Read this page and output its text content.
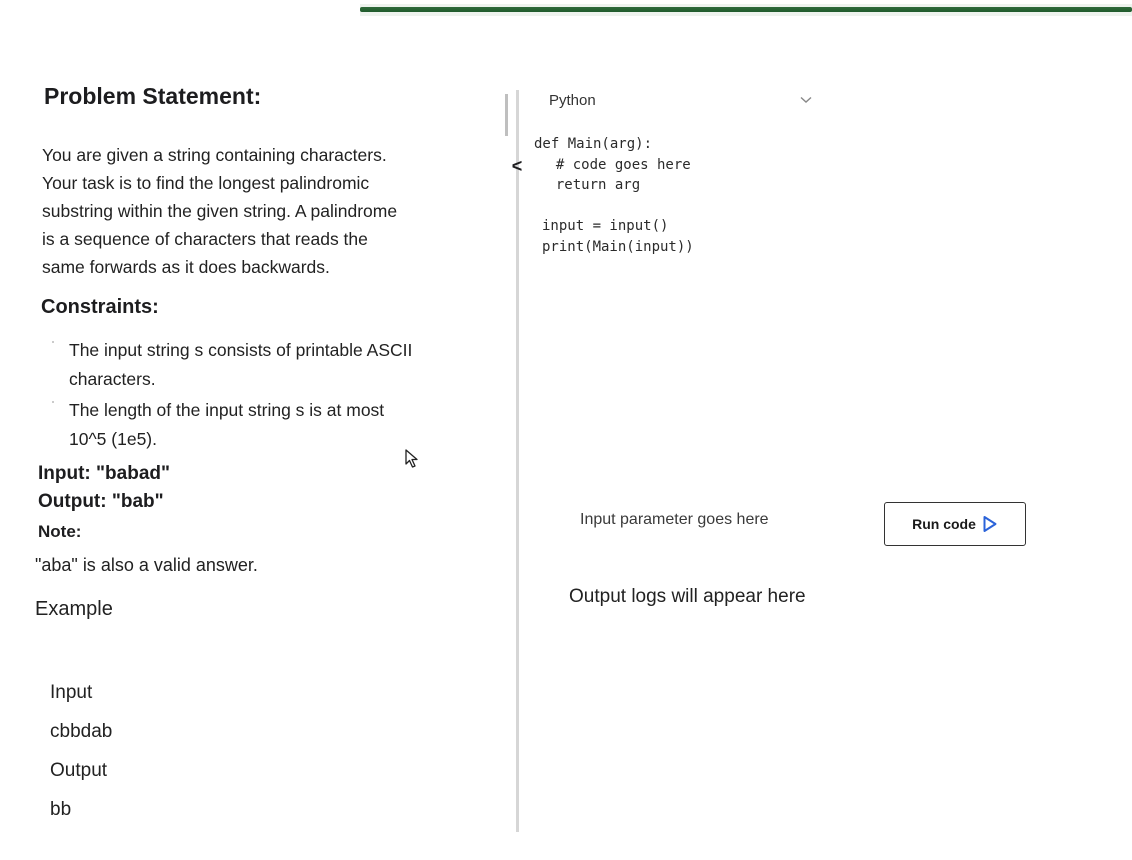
Problem Statement:
You are given a string containing characters.
Your task is to find the longest palindromic
substring within the given string. A palindrome
is a sequence of characters that reads the
same forwards as it does backwards.
Constraints:
The input string s consists of printable ASCII
characters.
The length of the input string s is at most
10^5 (1e5).

Input: "babad"

Output: "bab"

Note:

"aba" is also a valid answer.

Example

Input

cbbdab

Output

bb

<
Python
def Main(arg):
# code goes here
return arg
input = input()
print(Main(input))
Input parameter goes here
Run code

Output logs will appear here
